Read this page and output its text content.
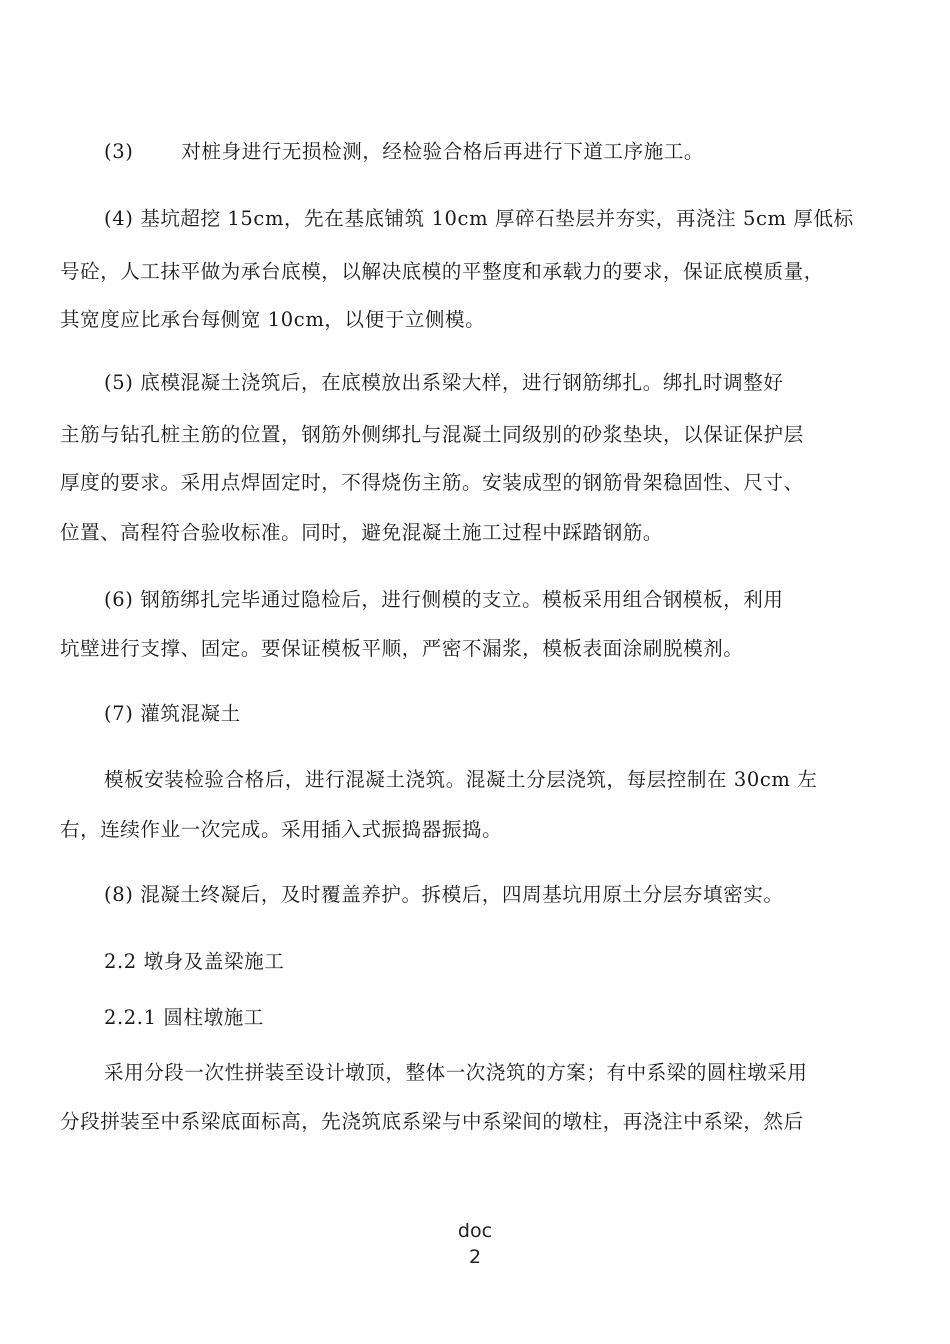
(3) 对桩身进行无损检测，经检验合格后再进行下道工序施工。
(4) 基坑超挖 15cm，先在基底铺筑 10cm 厚碎石垫层并夯实，再浇注 5cm 厚低标
号砼，人工抹平做为承台底模，以解决底模的平整度和承载力的要求，保证底模质量，
其宽度应比承台每侧宽 10cm，以便于立侧模。
(5) 底模混凝土浇筑后，在底模放出系梁大样，进行钢筋绑扎。绑扎时调整好
主筋与钻孔桩主筋的位置，钢筋外侧绑扎与混凝土同级别的砂浆垫块，以保证保护层
厚度的要求。采用点焊固定时，不得烧伤主筋。安装成型的钢筋骨架稳固性、尺寸、
位置、高程符合验收标准。同时，避免混凝土施工过程中踩踏钢筋。
(6) 钢筋绑扎完毕通过隐检后，进行侧模的支立。模板采用组合钢模板，利用
坑壁进行支撑、固定。要保证模板平顺，严密不漏浆，模板表面涂刷脱模剂。
(7) 灌筑混凝土
模板安装检验合格后，进行混凝土浇筑。混凝土分层浇筑，每层控制在 30cm 左
右，连续作业一次完成。采用插入式振捣器振捣。
(8) 混凝土终凝后，及时覆盖养护。拆模后，四周基坑用原土分层夯填密实。
2.2 墩身及盖梁施工
2.2.1 圆柱墩施工
采用分段一次性拼装至设计墩顶，整体一次浇筑的方案；有中系梁的圆柱墩采用
分段拼装至中系梁底面标高，先浇筑底系梁与中系梁间的墩柱，再浇注中系梁，然后
doc
2
